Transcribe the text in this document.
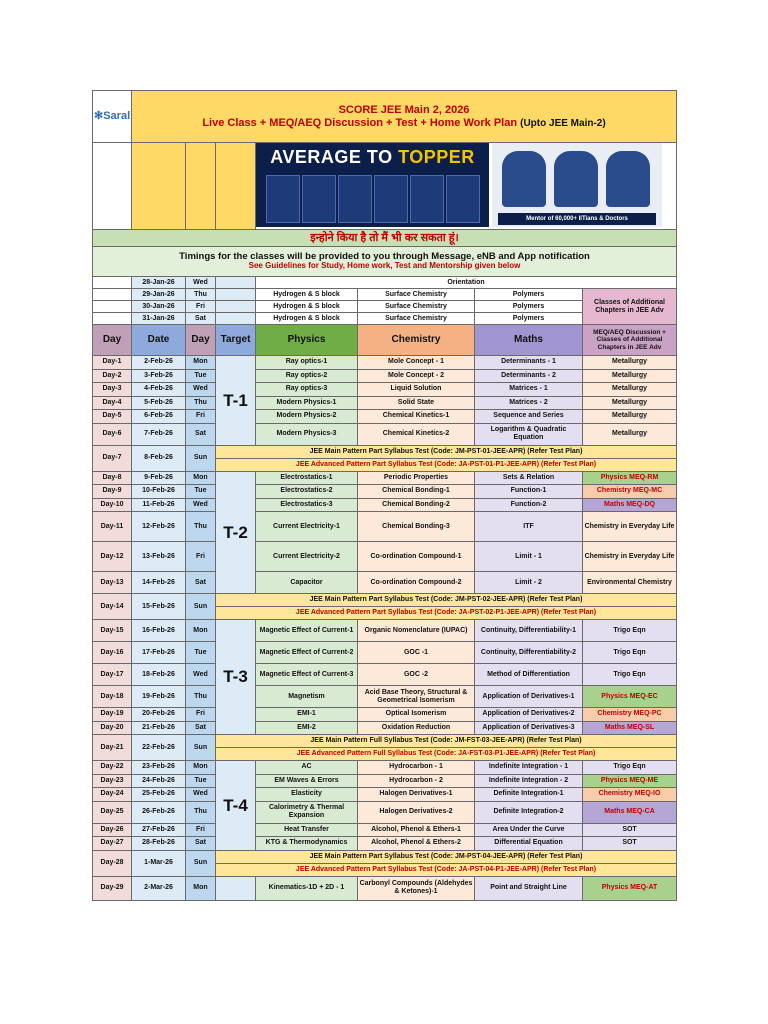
✻Saral	SCORE JEE Main 2, 2026
Live Class + MEQ/AEQ Discussion + Test + Home Work Plan (Upto JEE Main-2)						

				AVERAGE TO TOPPER
Mentor of 60,000+ IITians & Doctors			

इन्होने किया है तो मैं भी कर सकता हूं।							

Timings for the classes will be provided to you through Message, eNB and App notification
See Guidelines for Study, Home work, Test and Mentorship given below							

	28-Jan-26	Wed		Orientation			
	29-Jan-26	Thu		Hydrogen & S block	Surface Chemistry	Polymers	Classes of Additional Chapters in JEE Adv
	30-Jan-26	Fri		Hydrogen & S block	Surface Chemistry	Polymers	
	31-Jan-26	Sat		Hydrogen & S block	Surface Chemistry	Polymers	
Day	Date	Day	Target	Physics	Chemistry	Maths	MEQ/AEQ Discussion + Classes of Additional Chapters in JEE Adv
Day-1	2-Feb-26	Mon	T-1	Ray optics-1	Mole Concept - 1	Determinants - 1	Metallurgy
Day-2	3-Feb-26	Tue		Ray optics-2	Mole Concept - 2	Determinants - 2	Metallurgy
Day-3	4-Feb-26	Wed		Ray optics-3	Liquid Solution	Matrices - 1	Metallurgy
Day-4	5-Feb-26	Thu		Modern Physics-1	Solid State	Matrices - 2	Metallurgy
Day-5	6-Feb-26	Fri		Modern Physics-2	Chemical Kinetics-1	Sequence and Series	Metallurgy
Day-6	7-Feb-26	Sat		Modern Physics-3	Chemical Kinetics-2	Logarithm & Quadratic Equation	Metallurgy
Day-7	8-Feb-26	Sun	JEE Main Pattern Part Syllabus Test (Code: JM-PST-01-JEE-APR) (Refer Test Plan)				
			JEE Advanced Pattern Part Syllabus Test (Code: JA-PST-01-P1-JEE-APR) (Refer Test Plan)				
Day-8	9-Feb-26	Mon	T-2	Electrostatics-1	Periodic Properties	Sets & Relation	Physics MEQ-RM
Day-9	10-Feb-26	Tue		Electrostatics-2	Chemical Bonding-1	Function-1	Chemistry MEQ-MC
Day-10	11-Feb-26	Wed		Electrostatics-3	Chemical Bonding-2	Function-2	Maths MEQ-DQ
Day-11	12-Feb-26	Thu		Current Electricity-1	Chemical Bonding-3	ITF	Chemistry in Everyday Life
Day-12	13-Feb-26	Fri		Current Electricity-2	Co-ordination Compound-1	Limit - 1	Chemistry in Everyday Life
Day-13	14-Feb-26	Sat		Capacitor	Co-ordination Compound-2	Limit - 2	Environmental Chemistry
Day-14	15-Feb-26	Sun	JEE Main Pattern Part Syllabus Test (Code: JM-PST-02-JEE-APR) (Refer Test Plan)				
			JEE Advanced Pattern Part Syllabus Test (Code: JA-PST-02-P1-JEE-APR) (Refer Test Plan)				
Day-15	16-Feb-26	Mon	T-3	Magnetic Effect of Current-1	Organic Nomenclature (IUPAC)	Continuity, Differentiability-1	Trigo Eqn
Day-16	17-Feb-26	Tue		Magnetic Effect of Current-2	GOC -1	Continuity, Differentiability-2	Trigo Eqn
Day-17	18-Feb-26	Wed		Magnetic Effect of Current-3	GOC -2	Method of Differentiation	Trigo Eqn
Day-18	19-Feb-26	Thu		Magnetism	Acid Base Theory, Structural & Geometrical Isomerism	Application of Derivatives-1	Physics MEQ-EC
Day-19	20-Feb-26	Fri		EMI-1	Optical Isomerism	Application of Derivatives-2	Chemistry MEQ-PC
Day-20	21-Feb-26	Sat		EMI-2	Oxidation Reduction	Application of Derivatives-3	Maths MEQ-SL
Day-21	22-Feb-26	Sun	JEE Main Pattern Full Syllabus Test (Code: JM-FST-03-JEE-APR) (Refer Test Plan)				
			JEE Advanced Pattern Full Syllabus Test (Code: JA-FST-03-P1-JEE-APR) (Refer Test Plan)				
Day-22	23-Feb-26	Mon	T-4	AC	Hydrocarbon - 1	Indefinite Integration - 1	Trigo Eqn
Day-23	24-Feb-26	Tue		EM Waves & Errors	Hydrocarbon - 2	Indefinite Integration - 2	Physics MEQ-ME
Day-24	25-Feb-26	Wed		Elasticity	Halogen Derivatives-1	Definite Integration-1	Chemistry MEQ-IO
Day-25	26-Feb-26	Thu		Calorimetry & Thermal Expansion	Halogen Derivatives-2	Definite Integration-2	Maths MEQ-CA
Day-26	27-Feb-26	Fri		Heat Transfer	Alcohol, Phenol & Ethers-1	Area Under the Curve	SOT
Day-27	28-Feb-26	Sat		KTG & Thermodynamics	Alcohol, Phenol & Ethers-2	Differential Equation	SOT
Day-28	1-Mar-26	Sun	JEE Main Pattern Part Syllabus Test (Code: JM-PST-04-JEE-APR) (Refer Test Plan)				
			JEE Advanced Pattern Part Syllabus Test (Code: JA-PST-04-P1-JEE-APR) (Refer Test Plan)				
Day-29	2-Mar-26	Mon		Kinematics-1D + 2D - 1	Carbonyl Compounds (Aldehydes & Ketones)-1	Point and Straight Line	Physics MEQ-AT
